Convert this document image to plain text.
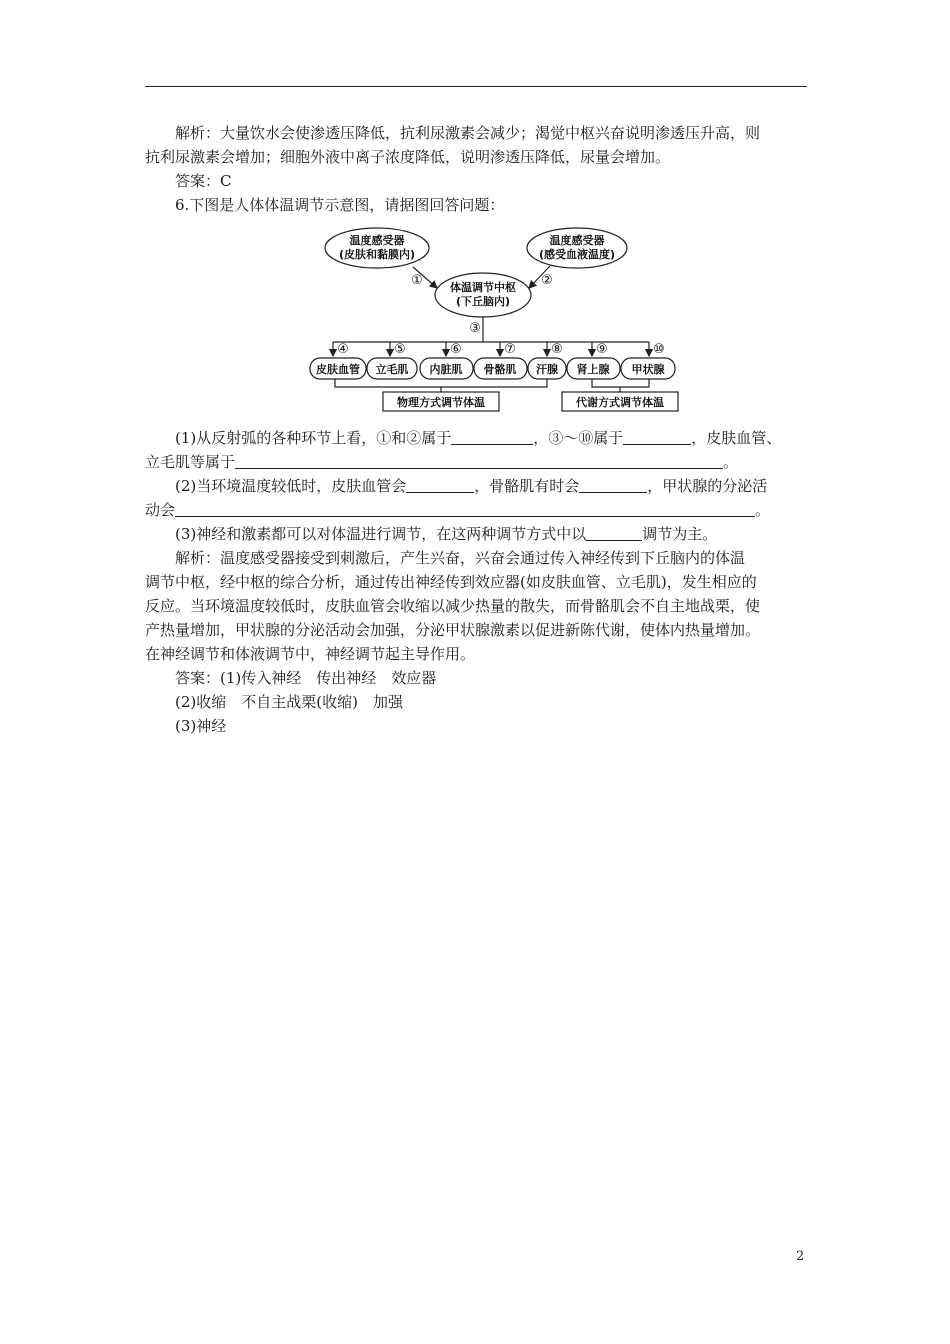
解析：大量饮水会使渗透压降低，抗利尿激素会减少；渴觉中枢兴奋说明渗透压升高，则

抗利尿激素会增加；细胞外液中离子浓度降低，说明渗透压降低，尿量会增加。

答案：C

6.下图是人体体温调节示意图，请据图回答问题：

温度感受器
(皮肤和黏膜内)
温度感受器
(感受血液温度)
体温调节中枢
(下丘脑内)
皮肤血管 立毛肌 内脏肌 骨骼肌 汗腺 肾上腺 甲状腺
物理方式调节体温	代谢方式调节体温
①	②
③
④	⑤	⑥	⑦	⑧	⑨	⑩

(1)从反射弧的各种环节上看，①和②属于	，③～⑩属于	，皮肤血管、

立毛肌等属于	。

(2)当环境温度较低时，皮肤血管会	，骨骼肌有时会	，甲状腺的分泌活

动会	。

(3)神经和激素都可以对体温进行调节，在这两种调节方式中以	调节为主。

解析：温度感受器接受到刺激后，产生兴奋，兴奋会通过传入神经传到下丘脑内的体温

调节中枢，经中枢的综合分析，通过传出神经传到效应器(如皮肤血管、立毛肌)，发生相应的

反应。当环境温度较低时，皮肤血管会收缩以减少热量的散失，而骨骼肌会不自主地战栗，使

产热量增加，甲状腺的分泌活动会加强，分泌甲状腺激素以促进新陈代谢，使体内热量增加。

在神经调节和体液调节中，神经调节起主导作用。

答案：(1)传入神经　传出神经　效应器

(2)收缩　不自主战栗(收缩)　加强

(3)神经

2
